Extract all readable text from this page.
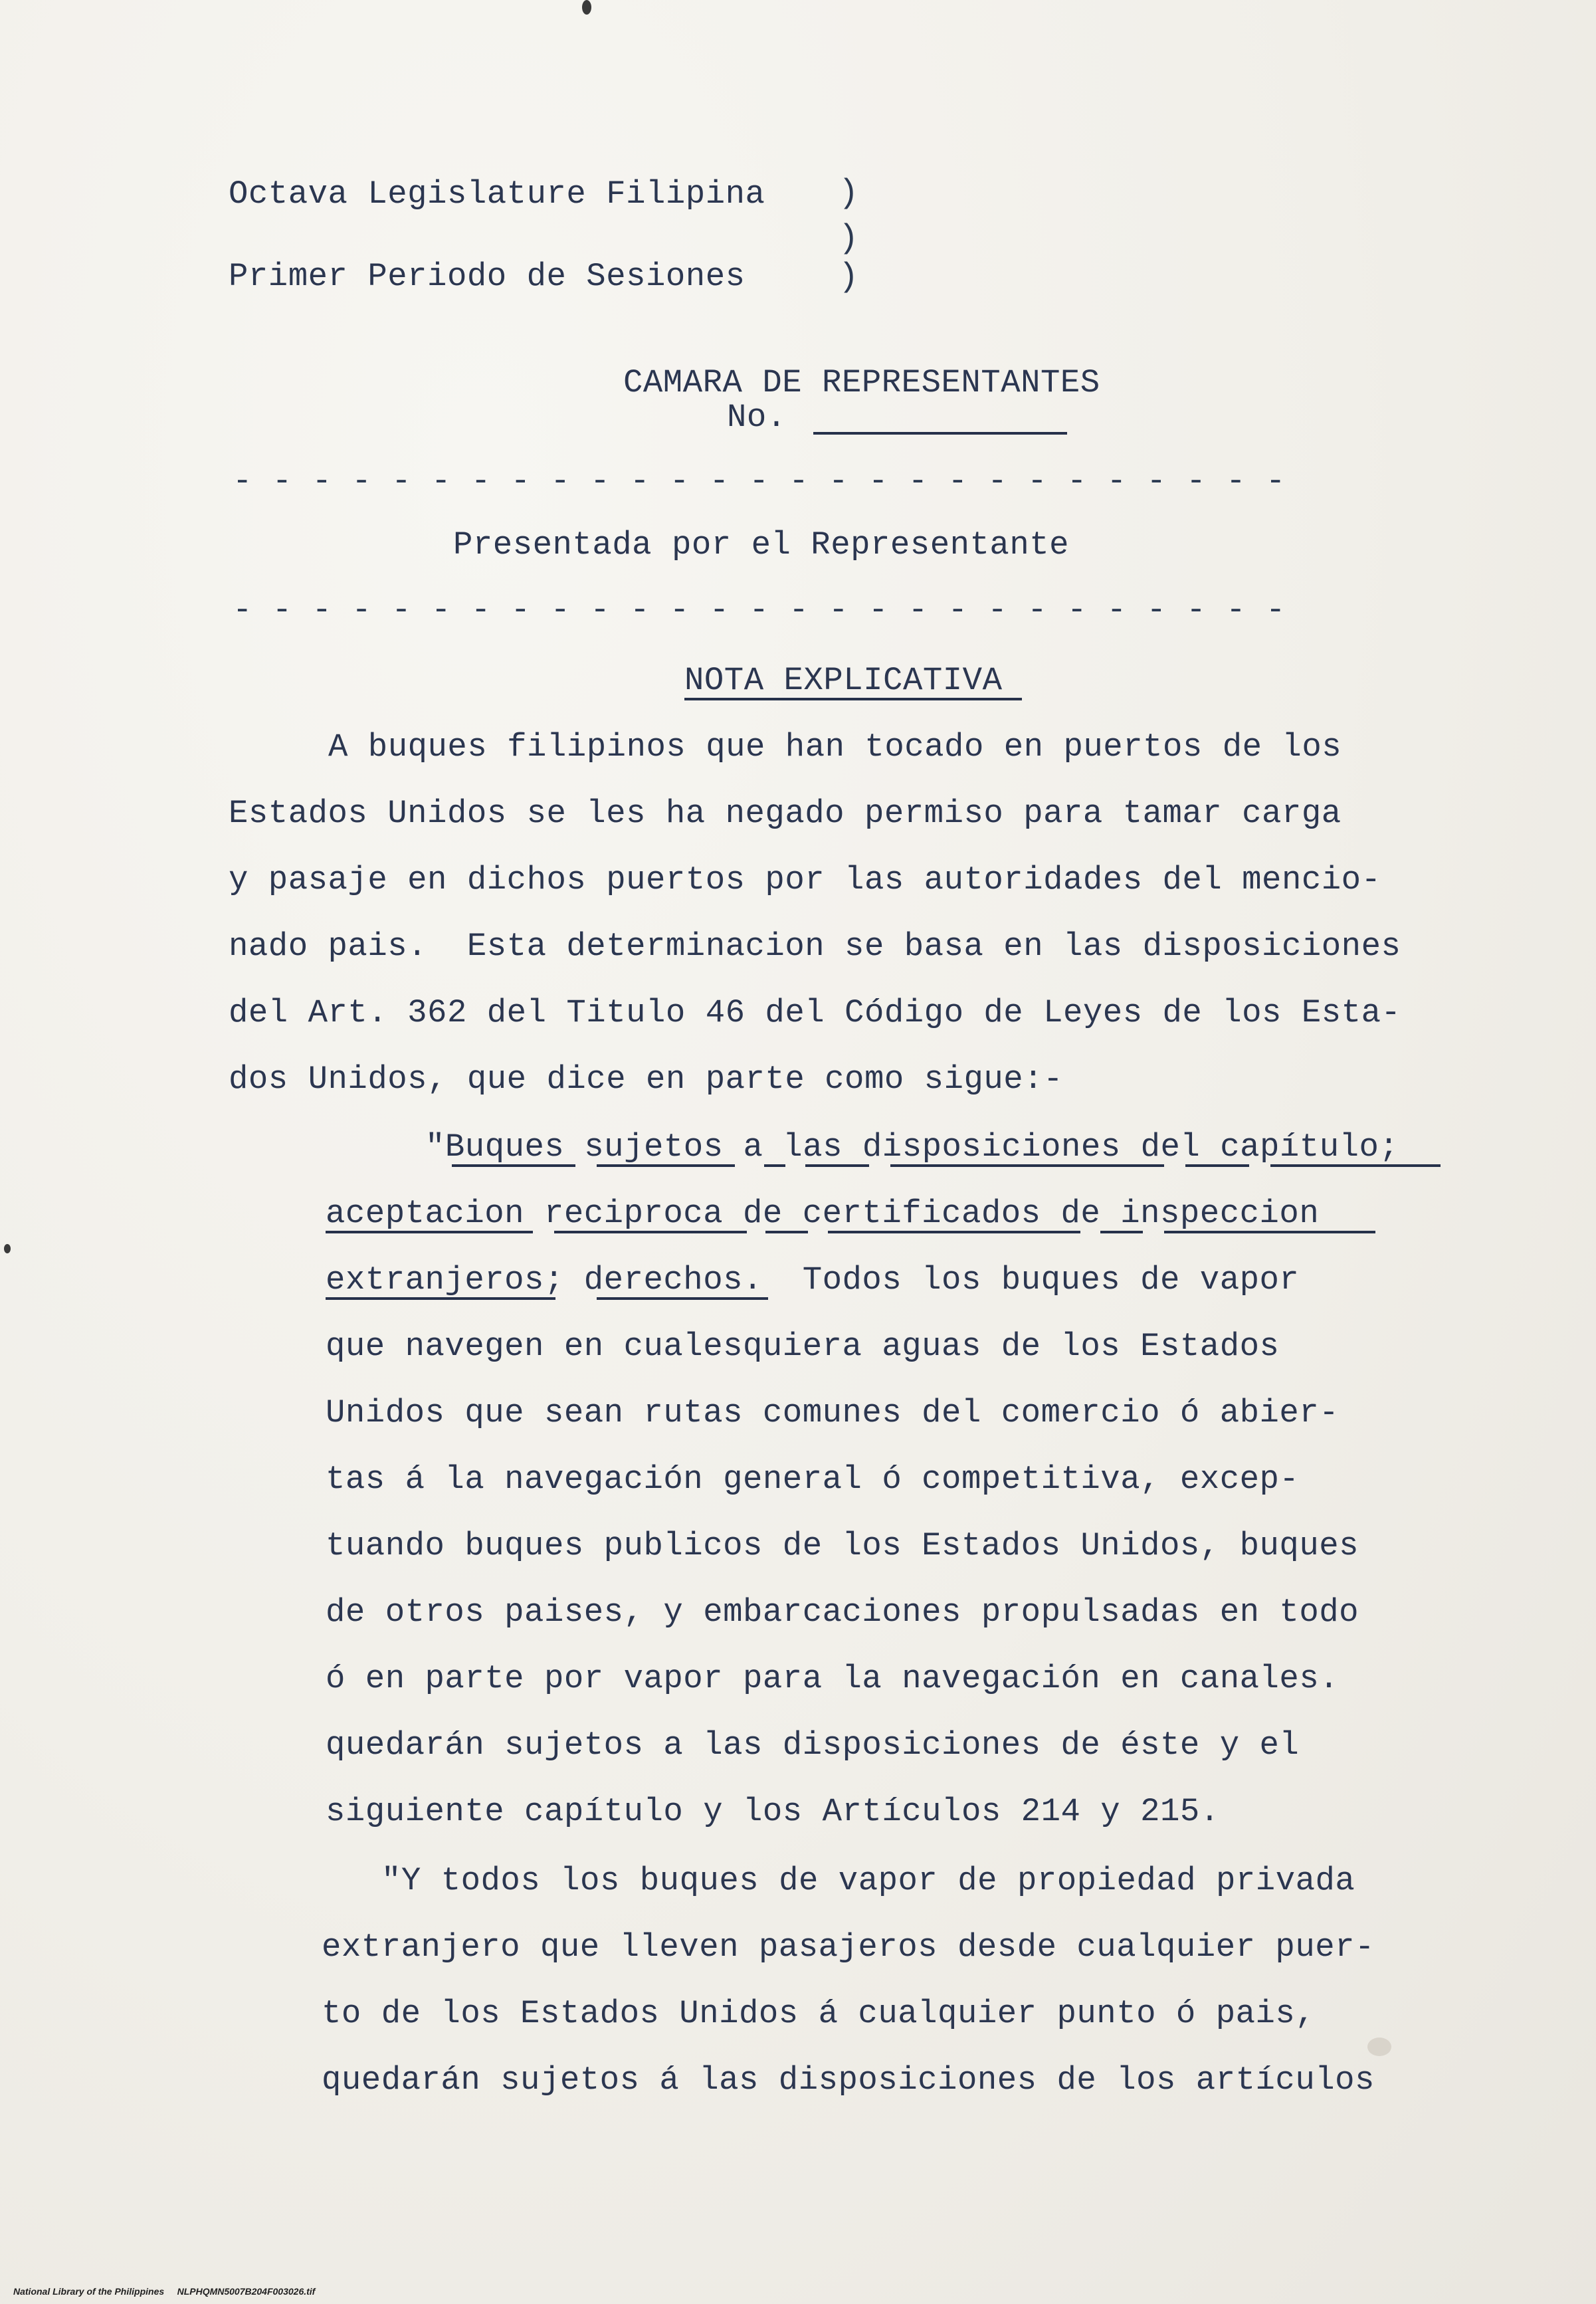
Octava Legislature Filipina )
)
)
Primer Periodo de Sesiones
CAMARA DE REPRESENTANTES
No.
- - - - - - - - - - - - - - - - - - - - - - - - - - -
Presentada por el Representante
- - - - - - - - - - - - - - - - - - - - - - - - - - -
NOTA EXPLICATIVA
A buques filipinos que han tocado en puertos de los
Estados Unidos se les ha negado permiso para tamar carga
y pasaje en dichos puertos por las autoridades del mencio-
nado pais.  Esta determinacion se basa en las disposiciones
del Art. 362 del Titulo 46 del Código de Leyes de los Esta-
dos Unidos, que dice en parte como sigue:-
"Buques sujetos a las disposiciones del capítulo;
aceptacion reciproca de certificados de inspeccion
extranjeros; derechos.  Todos los buques de vapor
que navegen en cualesquiera aguas de los Estados
Unidos que sean rutas comunes del comercio ó abier-
tas á la navegación general ó competitiva, excep-
tuando buques publicos de los Estados Unidos, buques
de otros paises, y embarcaciones propulsadas en todo
ó en parte por vapor para la navegación en canales.
quedarán sujetos a las disposiciones de éste y el
siguiente capítulo y los Artículos 214 y 215.
"Y todos los buques de vapor de propiedad privada
extranjero que lleven pasajeros desde cualquier puer-
to de los Estados Unidos á cualquier punto ó pais,
quedarán sujetos á las disposiciones de los artículos
National Library of the Philippines     NLPHQMN5007B204F003026.tif
